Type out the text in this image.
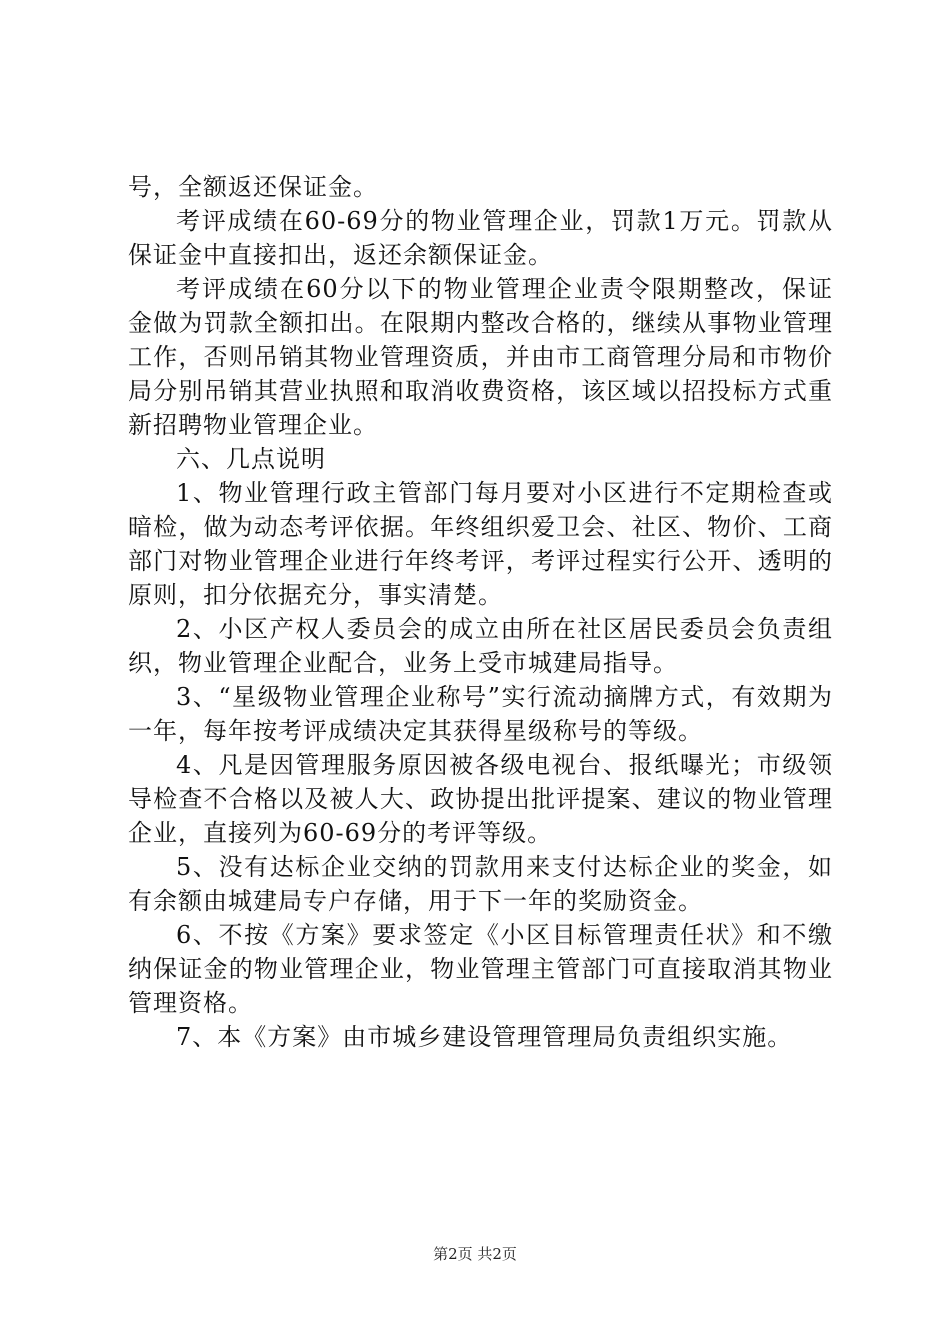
号，全额返还保证金。

考评成绩在60-69分的物业管理企业，罚款1万元。罚款从保证金中直接扣出，返还余额保证金。

考评成绩在60分以下的物业管理企业责令限期整改，保证金做为罚款全额扣出。在限期内整改合格的，继续从事物业管理工作，否则吊销其物业管理资质，并由市工商管理分局和市物价局分别吊销其营业执照和取消收费资格，该区域以招投标方式重新招聘物业管理企业。

六、几点说明

1、物业管理行政主管部门每月要对小区进行不定期检查或暗检，做为动态考评依据。年终组织爱卫会、社区、物价、工商部门对物业管理企业进行年终考评，考评过程实行公开、透明的原则，扣分依据充分，事实清楚。

2、小区产权人委员会的成立由所在社区居民委员会负责组织，物业管理企业配合，业务上受市城建局指导。

3、“星级物业管理企业称号”实行流动摘牌方式，有效期为一年，每年按考评成绩决定其获得星级称号的等级。

4、凡是因管理服务原因被各级电视台、报纸曝光；市级领导检查不合格以及被人大、政协提出批评提案、建议的物业管理企业，直接列为60-69分的考评等级。

5、没有达标企业交纳的罚款用来支付达标企业的奖金，如有余额由城建局专户存储，用于下一年的奖励资金。

6、不按《方案》要求签定《小区目标管理责任状》和不缴纳保证金的物业管理企业，物业管理主管部门可直接取消其物业管理资格。

7、本《方案》由市城乡建设管理管理局负责组织实施。

第2页 共2页
